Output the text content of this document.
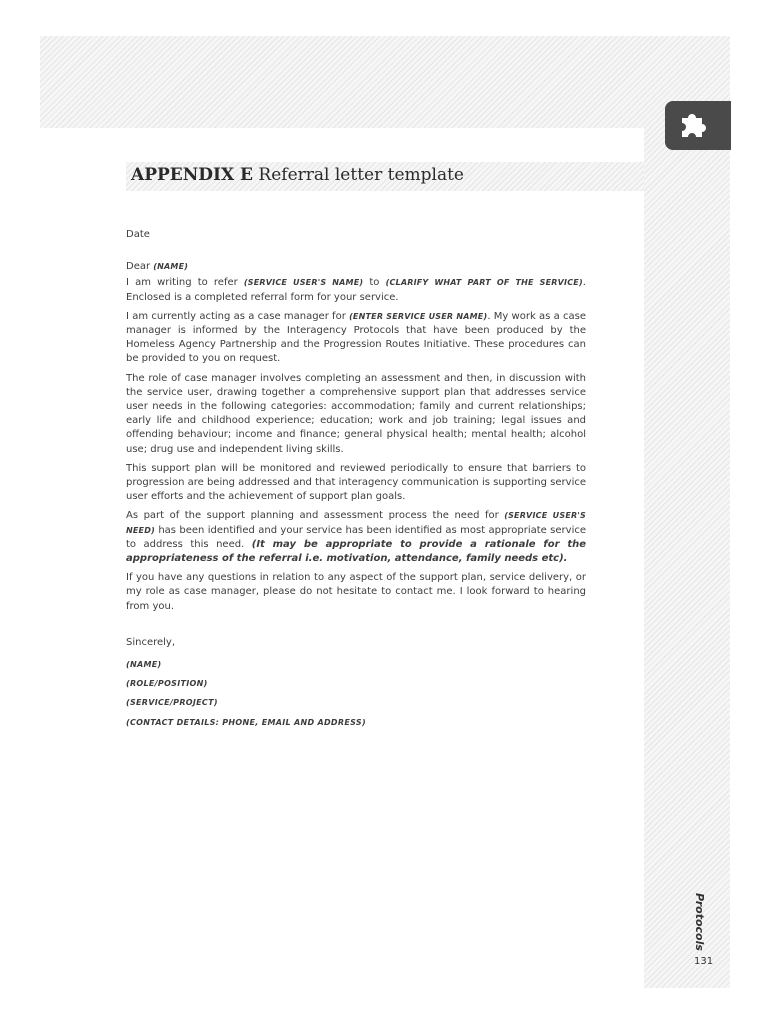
APPENDIX E Referral letter template

Date

Dear (NAME)

I am writing to refer (SERVICE USER'S NAME) to (CLARIFY WHAT PART OF THE SERVICE). Enclosed is a completed referral form for your service.

I am currently acting as a case manager for (ENTER SERVICE USER NAME). My work as a case manager is informed by the Interagency Protocols that have been produced by the Homeless Agency Partnership and the Progression Routes Initiative. These procedures can be provided to you on request.

The role of case manager involves completing an assessment and then, in discussion with the service user, drawing together a comprehensive support plan that addresses service user needs in the following categories: accommodation; family and current relationships; early life and childhood experience; education; work and job training; legal issues and offending behaviour; income and finance; general physical health; mental health; alcohol use; drug use and independent living skills.

This support plan will be monitored and reviewed periodically to ensure that barriers to progression are being addressed and that interagency communication is supporting service user efforts and the achievement of support plan goals.

As part of the support planning and assessment process the need for (SERVICE USER'S NEED) has been identified and your service has been identified as most appropriate service to address this need. (It may be appropriate to provide a rationale for the appropriateness of the referral i.e. motivation, attendance, family needs etc).

If you have any questions in relation to any aspect of the support plan, service delivery, or my role as case manager, please do not hesitate to contact me. I look forward to hearing from you.

Sincerely,

(NAME)

(ROLE/POSITION)

(SERVICE/PROJECT)

(CONTACT DETAILS: PHONE, EMAIL AND ADDRESS)

Protocols
131
